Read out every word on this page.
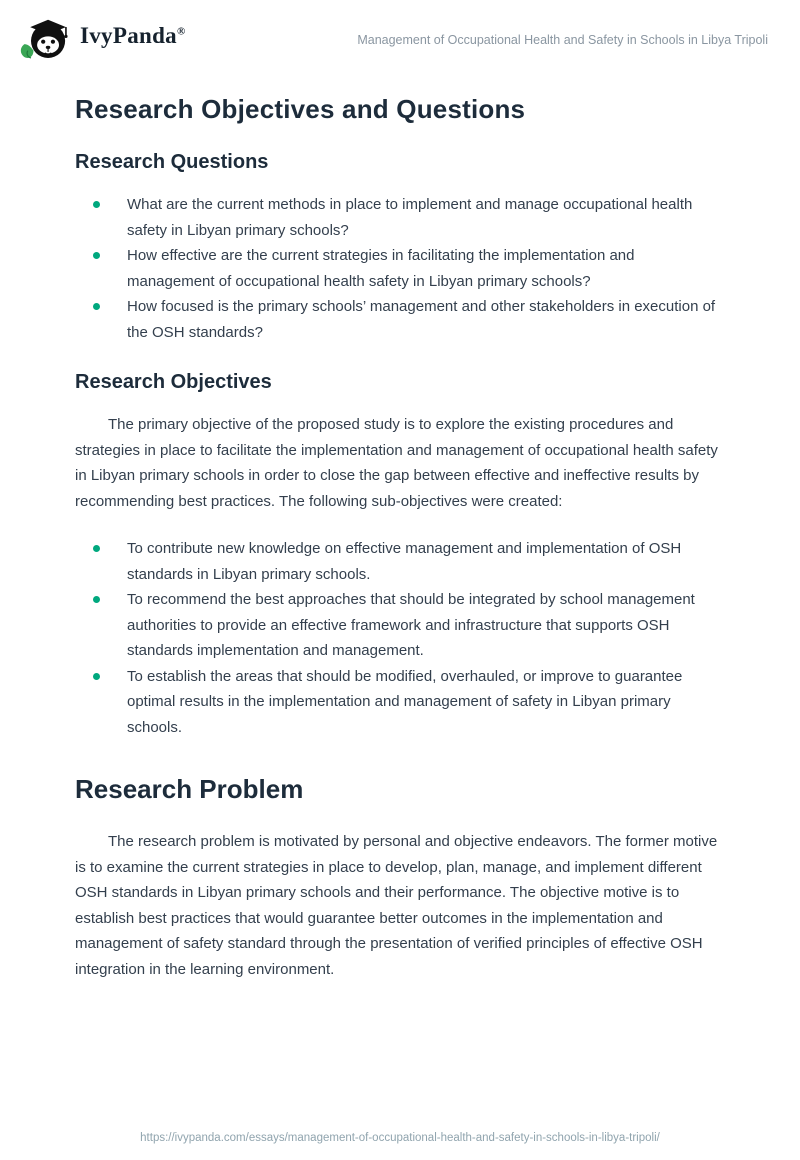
IvyPanda®
Management of Occupational Health and Safety in Schools in Libya Tripoli
Research Objectives and Questions
Research Questions
What are the current methods in place to implement and manage occupational health safety in Libyan primary schools?
How effective are the current strategies in facilitating the implementation and management of occupational health safety in Libyan primary schools?
How focused is the primary schools’ management and other stakeholders in execution of the OSH standards?
Research Objectives

The primary objective of the proposed study is to explore the existing procedures and strategies in place to facilitate the implementation and management of occupational health safety in Libyan primary schools in order to close the gap between effective and ineffective results by recommending best practices. The following sub-objectives were created:

To contribute new knowledge on effective management and implementation of OSH standards in Libyan primary schools.
To recommend the best approaches that should be integrated by school management authorities to provide an effective framework and infrastructure that supports OSH standards implementation and management.
To establish the areas that should be modified, overhauled, or improve to guarantee optimal results in the implementation and management of safety in Libyan primary schools.
Research Problem

The research problem is motivated by personal and objective endeavors. The former motive is to examine the current strategies in place to develop, plan, manage, and implement different OSH standards in Libyan primary schools and their performance. The objective motive is to establish best practices that would guarantee better outcomes in the implementation and management of safety standard through the presentation of verified principles of effective OSH integration in the learning environment.

https://ivypanda.com/essays/management-of-occupational-health-and-safety-in-schools-in-libya-tripoli/
